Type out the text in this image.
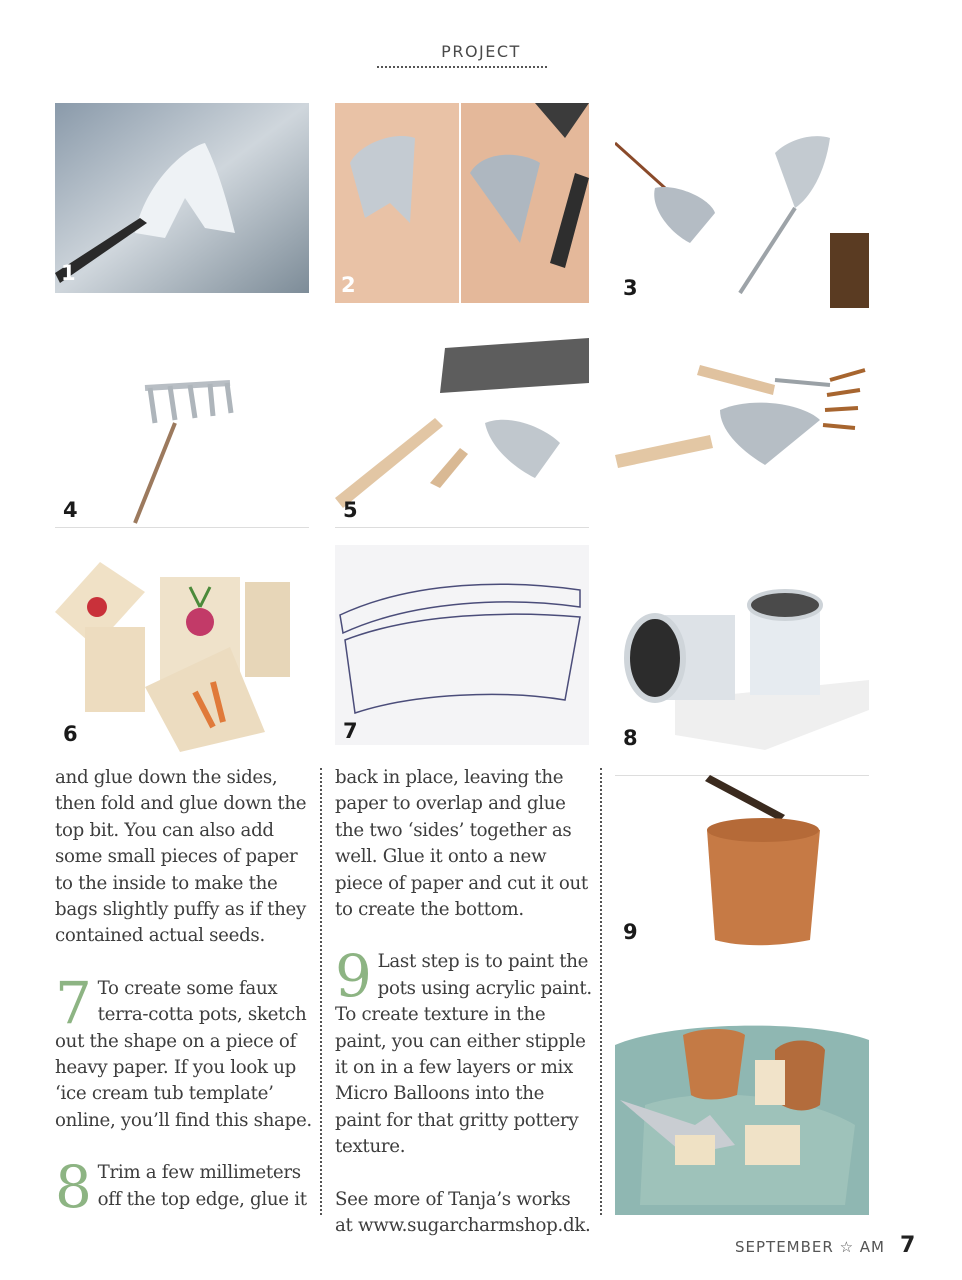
PROJECT
1	2	3
4	5
6	7	8
9

and glue down the sides, then fold and glue down the top bit. You can also add some small pieces of paper to the inside to make the bags slightly puffy as if they contained actual seeds.

7 To create some faux terra-cotta pots, sketch out the shape on a piece of heavy paper. If you look up ‘ice cream tub template’ online, you’ll find this shape.

8 Trim a few millimeters off the top edge, glue it

back in place, leaving the paper to overlap and glue the two ‘sides’ together as well. Glue it onto a new piece of paper and cut it out to create the bottom.

9 Last step is to paint the pots using acrylic paint. To create texture in the paint, you can either stipple it on in a few layers or mix Micro Balloons into the paint for that gritty pottery texture.

See more of Tanja’s works at www.sugarcharmshop.dk.

SEPTEMBER ☆ AM 7
